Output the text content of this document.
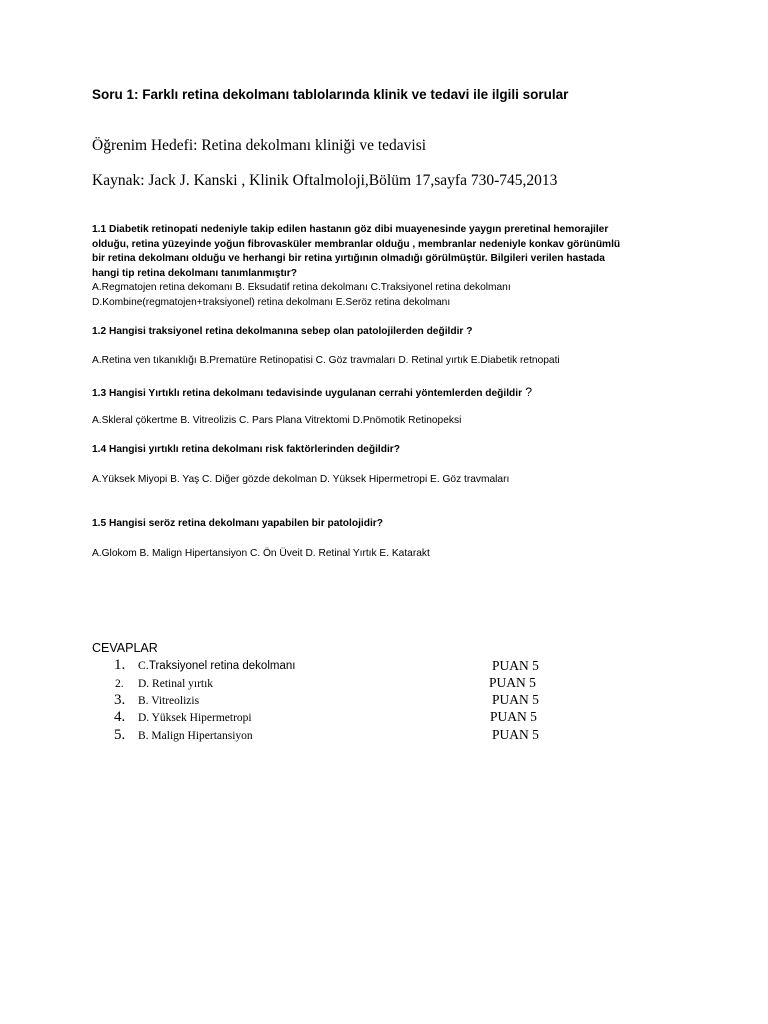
Soru 1: Farklı retina dekolmanı tablolarında klinik ve tedavi ile ilgili sorular
Öğrenim Hedefi: Retina dekolmanı kliniği ve tedavisi
Kaynak: Jack J. Kanski , Klinik Oftalmoloji,Bölüm 17,sayfa 730-745,2013
1.1 Diabetik retinopati nedeniyle takip edilen hastanın göz dibi muayenesinde yaygın preretinal hemorajiler
olduğu, retina yüzeyinde yoğun fibrovasküler membranlar olduğu , membranlar nedeniyle konkav görünümlü
bir retina dekolmanı olduğu ve herhangi bir retina yırtığının olmadığı görülmüştür. Bilgileri verilen hastada
hangi tip retina dekolmanı tanımlanmıştır?
A.Regmatojen retina dekomanı B. Eksudatif retina dekolmanı C.Traksiyonel retina dekolmanı
D.Kombine(regmatojen+traksiyonel) retina dekolmanı E.Seröz retina dekolmanı
1.2 Hangisi traksiyonel retina dekolmanına sebep olan patolojilerden değildir ?
A.Retina ven tıkanıklığı B.Prematüre Retinopatisi C. Göz travmaları D. Retinal yırtık E.Diabetik retnopati
1.3 Hangisi Yırtıklı retina dekolmanı tedavisinde uygulanan cerrahi yöntemlerden değildir ?
A.Skleral çökertme B. Vitreolizis C. Pars Plana Vitrektomi D.Pnömotik Retinopeksi
1.4 Hangisi yırtıklı retina dekolmanı risk faktörlerinden değildir?
A.Yüksek Miyopi B. Yaş C. Diğer gözde dekolman D. Yüksek Hipermetropi E. Göz travmaları
1.5 Hangisi seröz retina dekolmanı yapabilen bir patolojidir?
A.Glokom B. Malign Hipertansiyon C. Ön Üveit D. Retinal Yırtık E. Katarakt
CEVAPLAR
1. C.Traksiyonel retina dekolmanı	PUAN 5
2. D. Retinal yırtık	PUAN 5
3. B. Vitreolizis	PUAN 5
4. D. Yüksek Hipermetropi	PUAN 5
5. B. Malign Hipertansiyon	PUAN 5
